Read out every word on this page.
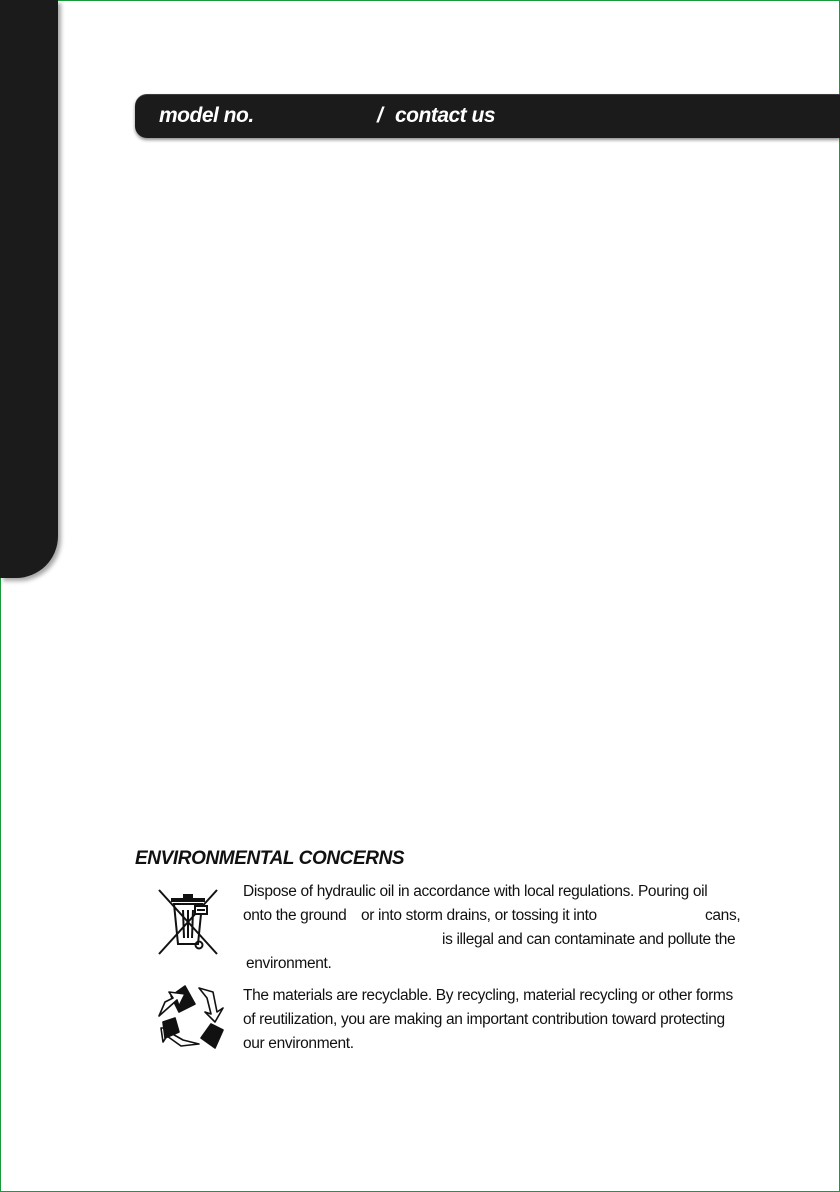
model no.	/ contact us
ENVIRONMENTAL CONCERNS
Dispose of hydraulic oil in accordance with local regulations. Pouring oil
onto the ground or into storm drains, or tossing it into	cans,
is illegal and can contaminate and pollute the
environment.
The materials are recyclable. By recycling, material recycling or other forms
of reutilization, you are making an important contribution toward protecting
our environment.
